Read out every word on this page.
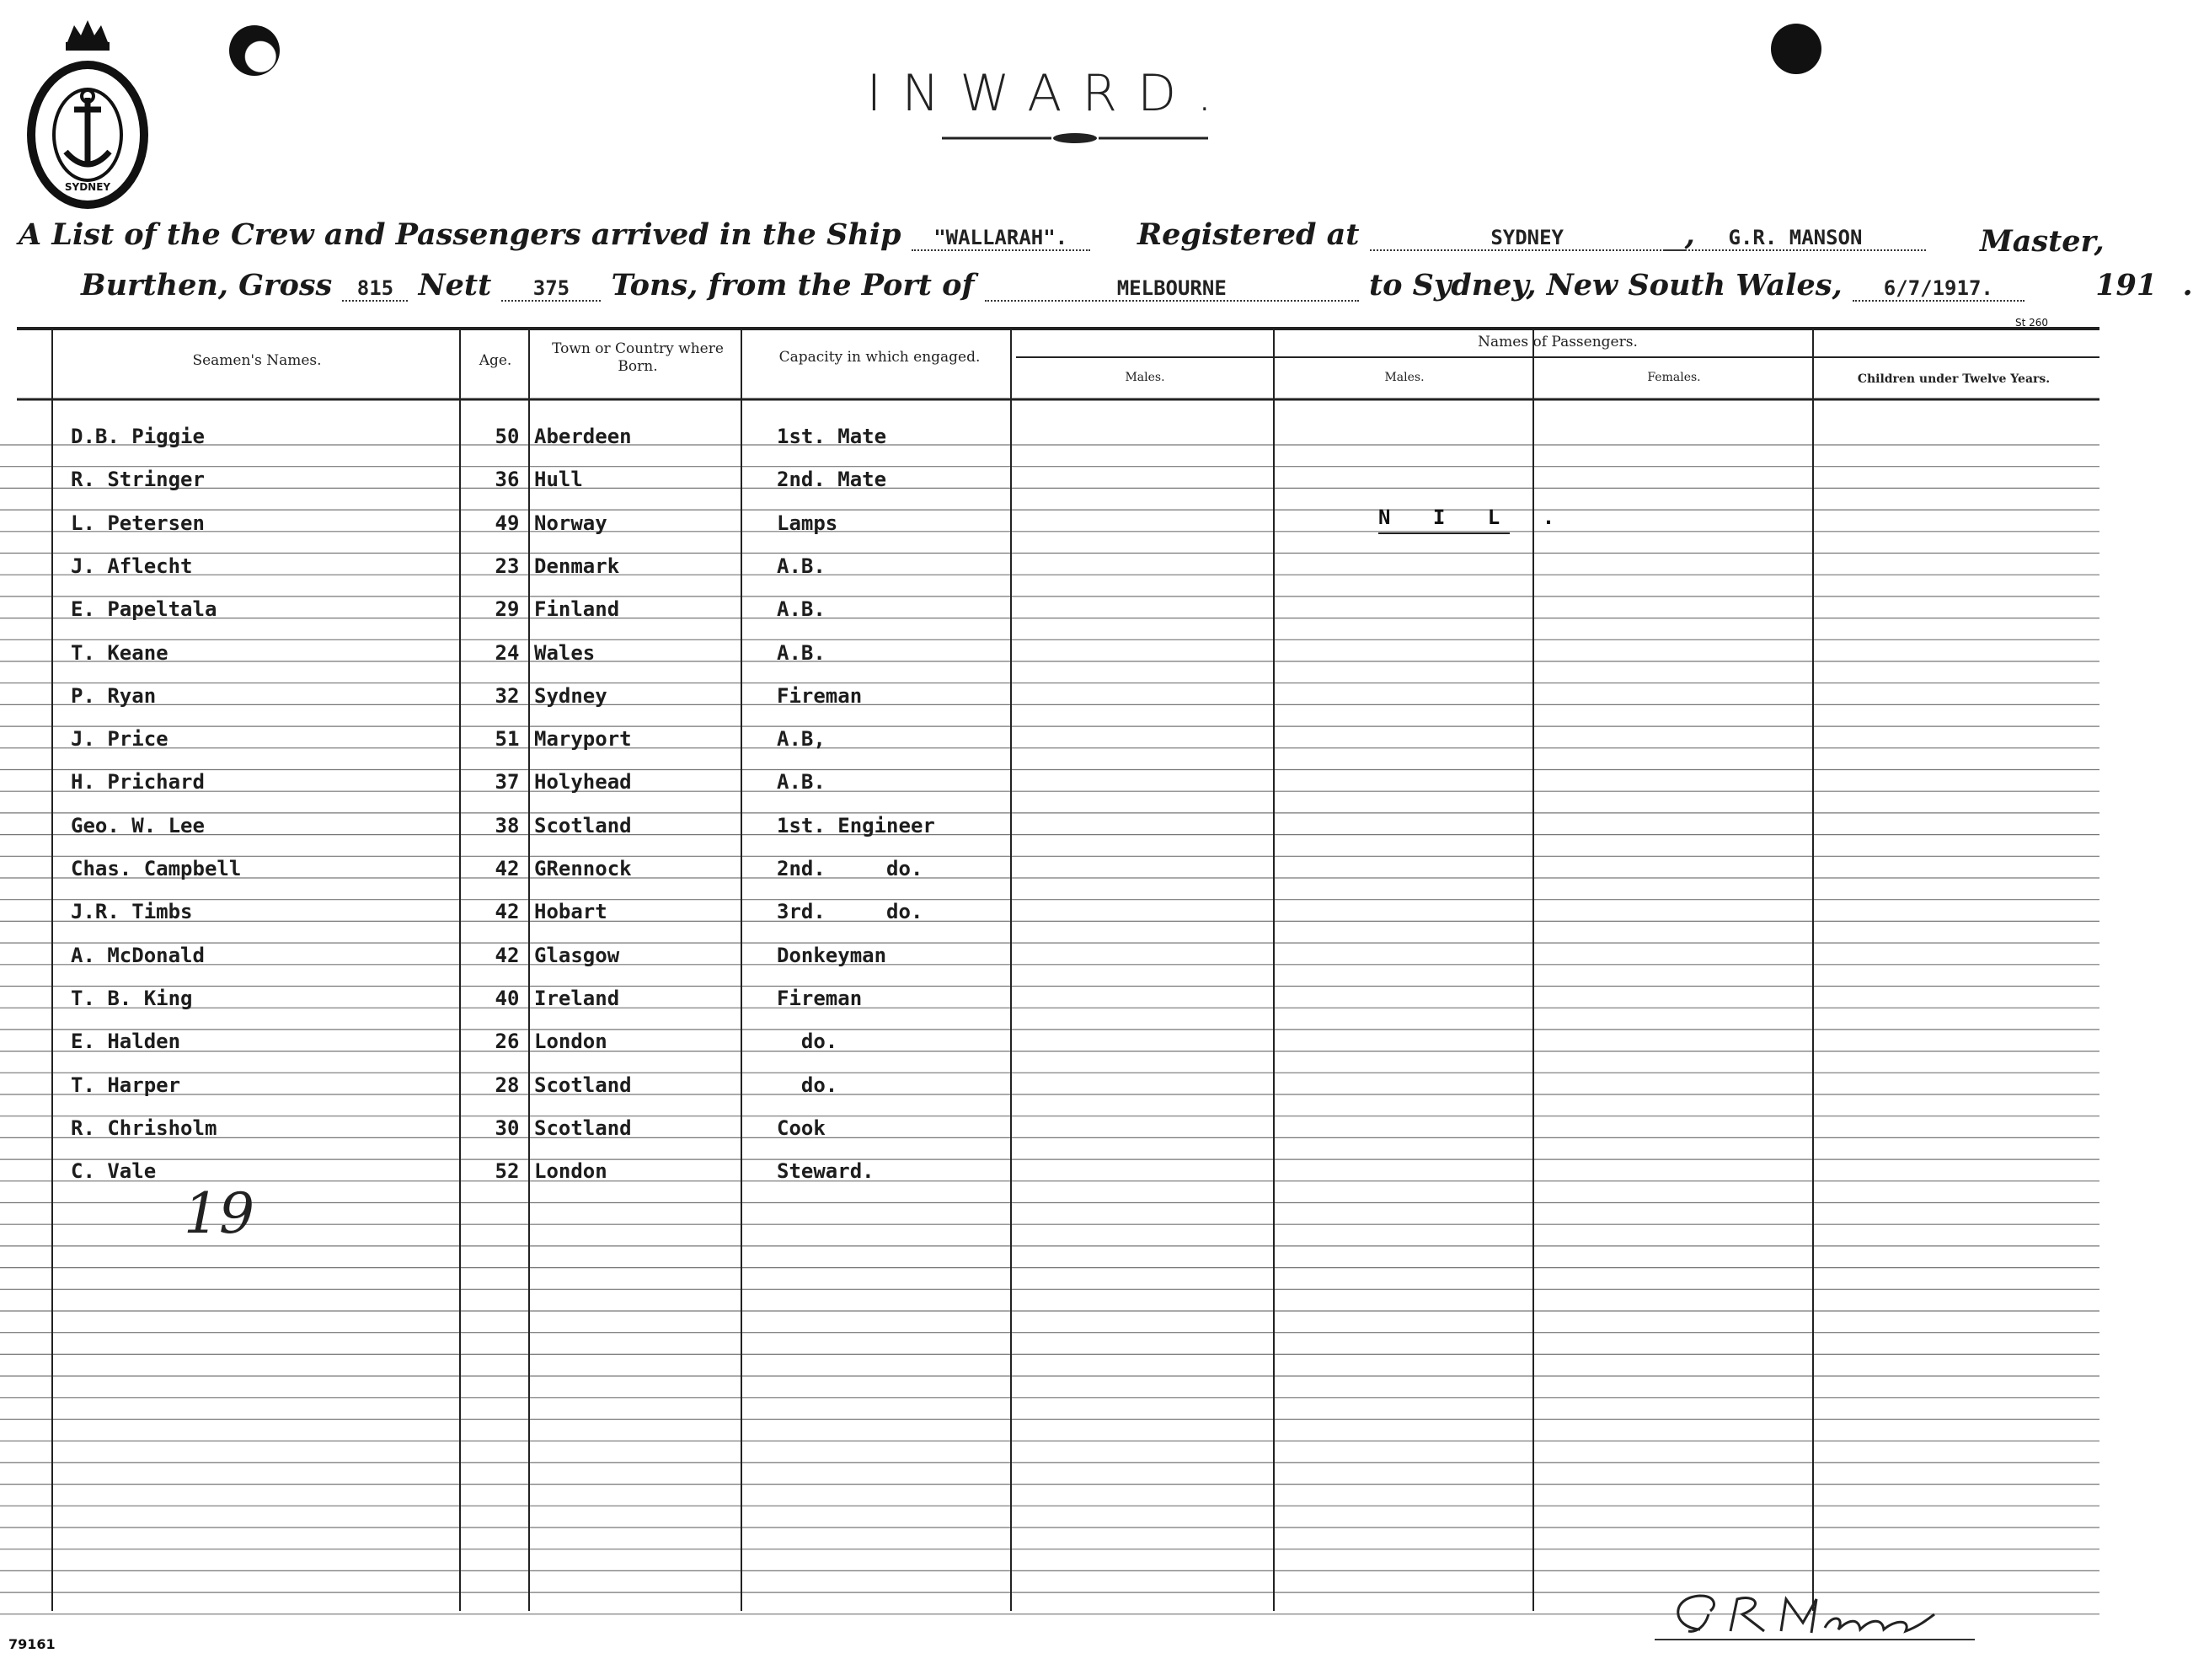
SYDNEY
INWARD.
A List of the Crew and Passengers arrived in the Ship "WALLARAH".	Registered at	SYDNEY	,	G.R. MANSON	Master,
Burthen, Gross 815 Nett 375 Tons, from the Port of	MELBOURNE	to Sydney, New South Wales, 6/7/1917.	191 .
St 260
Seamen's Names.	Age.
Town or Country where Born.
Capacity in which engaged.
Names of Passengers.
Males.	Males.	Females.	Children under Twelve Years.
D.B. Piggie	50 Aberdeen	1st. Mate
R. Stringer	36 Hull	2nd. Mate
L. Petersen	49 Norway	Lamps
J. Aflecht	23 Denmark	A.B.
E. Papeltala	29 Finland	A.B.
T. Keane	24 Wales	A.B.
P. Ryan	32 Sydney	Fireman
J. Price	51 Maryport	A.B,
H. Prichard	37 Holyhead	A.B.
Geo. W. Lee	38 Scotland	1st. Engineer
Chas. Campbell	42 GRennock	2nd.     do.
J.R. Timbs	42 Hobart	3rd.     do.
A. McDonald	42 Glasgow	Donkeyman
T. B. King	40 Ireland	Fireman
E. Halden	26 London	do.
T. Harper	28 Scotland	do.
R. Chrisholm	30 Scotland	Cook
C. Vale	52 London	Steward.
N I L .
19
79161
